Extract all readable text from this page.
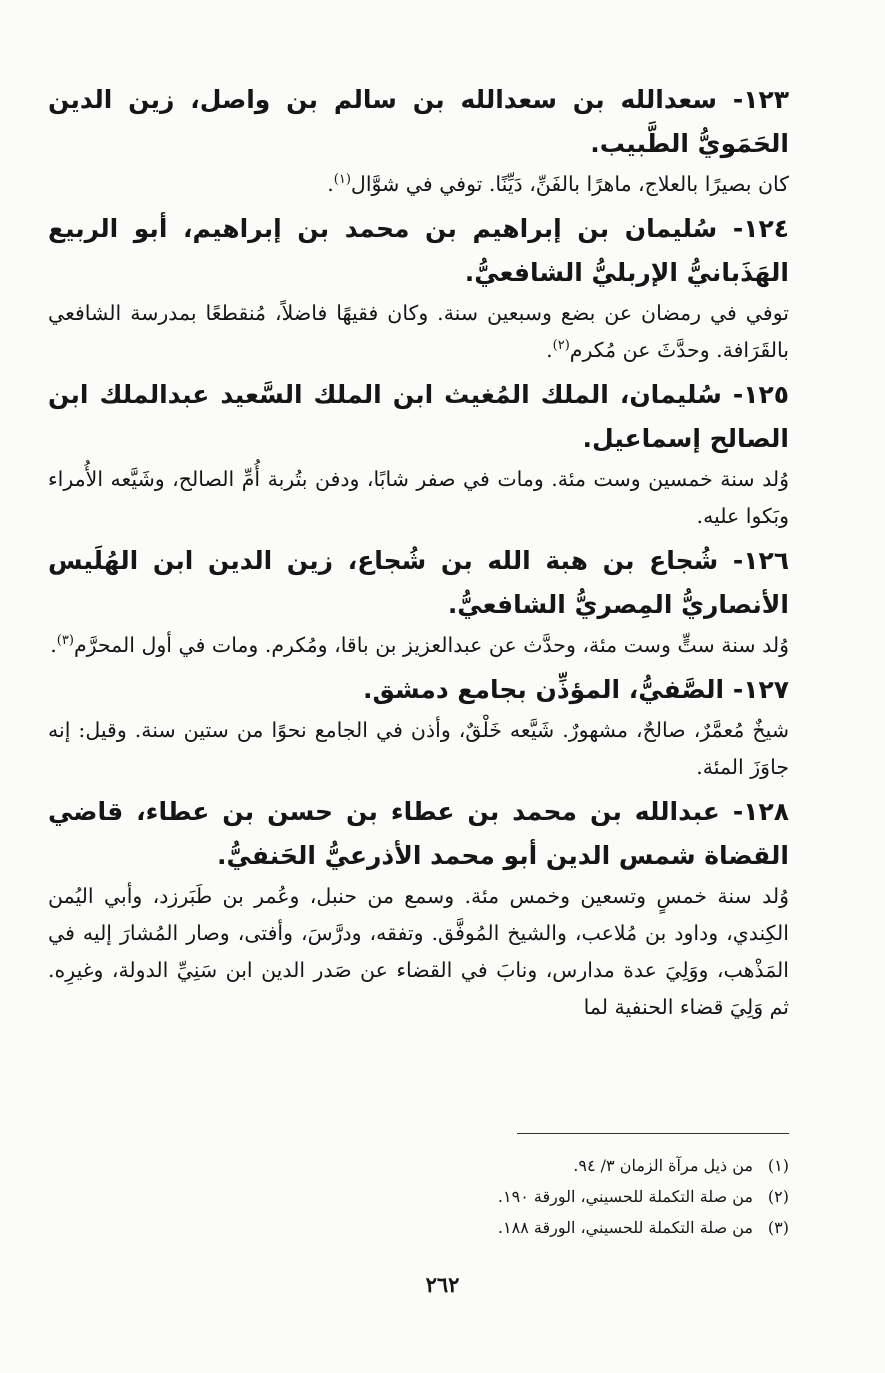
١٢٣- سعدالله بن سعدالله بن سالم بن واصل، زين الدين الحَمَويُّ الطَّبيب.

كان بصيرًا بالعلاج، ماهرًا بالفَنِّ، دَيِّنًا. توفي في شوَّال$^{(١)}$.

١٢٤- سُليمان بن إبراهيم بن محمد بن إبراهيم، أبو الربيع الهَذَبانيُّ الإربليُّ الشافعيُّ.

توفي في رمضان عن بضع وسبعين سنة. وكان فقيهًا فاضلاً، مُنقطعًا بمدرسة الشافعي بالقَرَافة. وحدَّثَ عن مُكرم$^{(٢)}$.

١٢٥- سُليمان، الملك المُغيث ابن الملك السَّعيد عبدالملك ابن الصالح إسماعيل.

وُلد سنة خمسين وست مئة. ومات في صفر شابًا، ودفن بتُربة أُمِّ الصالح، وشَيَّعه الأُمراء وبَكوا عليه.

١٢٦- شُجاع بن هبة الله بن شُجاع، زين الدين ابن الهُلَيس الأنصاريُّ المِصريُّ الشافعيُّ.

وُلد سنة ستٍّ وست مئة، وحدَّث عن عبدالعزيز بن باقا، ومُكرم. ومات في أول المحرَّم$^{(٣)}$.

١٢٧- الصَّفيُّ، المؤذِّن بجامع دمشق.

شيخٌ مُعمَّرٌ، صالحٌ، مشهورٌ. شَيَّعه خَلْقٌ، وأذن في الجامع نحوًا من ستين سنة. وقيل: إنه جاوَزَ المئة.

١٢٨- عبدالله بن محمد بن عطاء بن حسن بن عطاء، قاضي القضاة شمس الدين أبو محمد الأذرعيُّ الحَنفيُّ.

وُلد سنة خمسٍ وتسعين وخمس مئة. وسمع من حنبل، وعُمر بن طَبَرزد، وأبي اليُمن الكِندي، وداود بن مُلاعب، والشيخ المُوفَّق. وتفقه، ودرَّسَ، وأفتى، وصار المُشارَ إليه في المَذْهب، ووَلِيَ عدة مدارس، ونابَ في القضاء عن صَدر الدين ابن سَنِيِّ الدولة، وغيرِه. ثم وَلِيَ قضاء الحنفية لما

(١)من ذيل مرآة الزمان ٣/ ٩٤.

(٢)من صلة التكملة للحسيني، الورقة ١٩٠.

(٣)من صلة التكملة للحسيني، الورقة ١٨٨.

٢٦٢
